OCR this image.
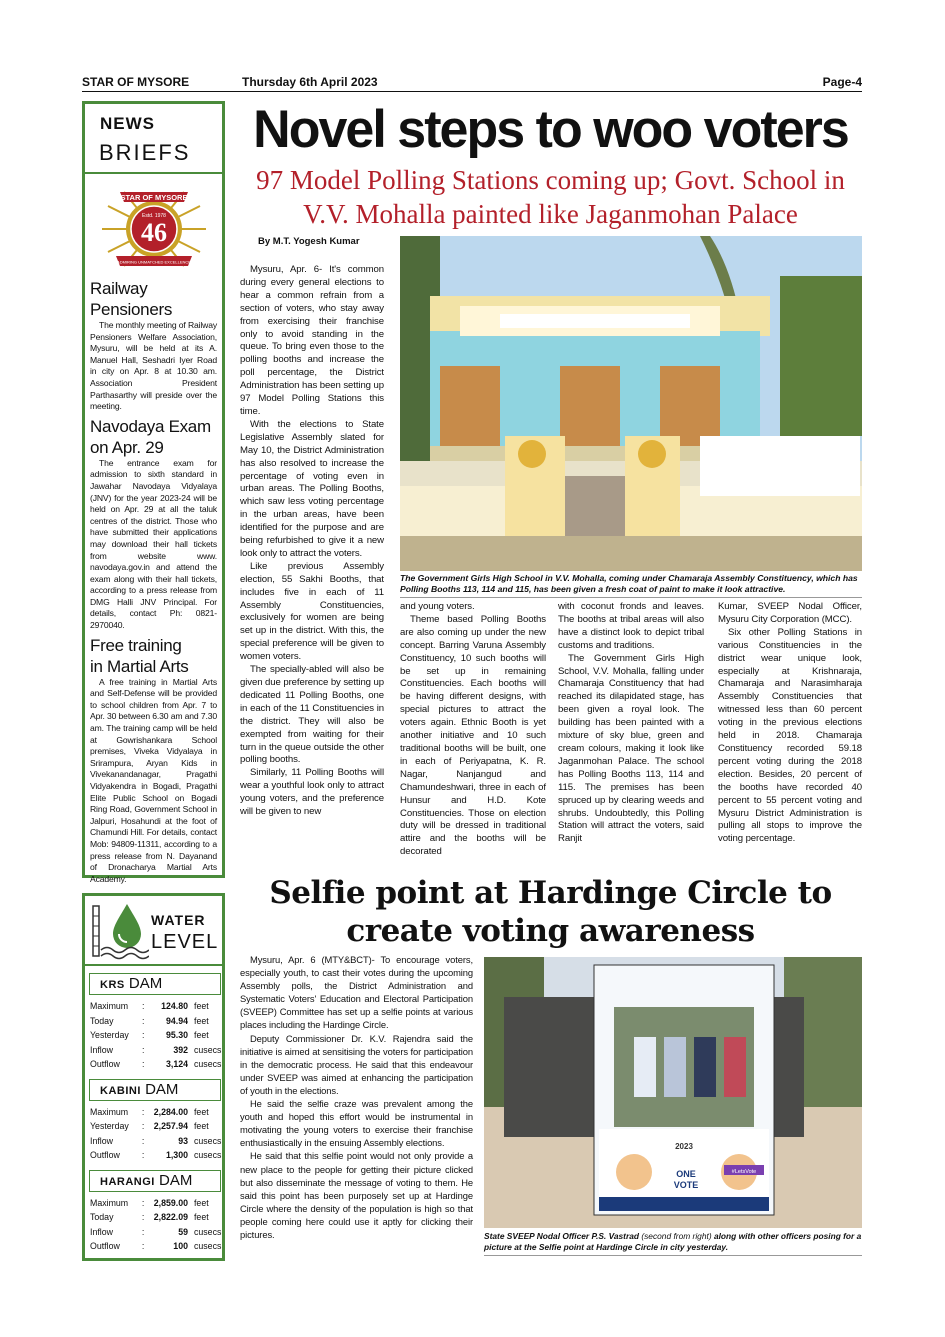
STAR OF MYSORE	Thursday 6th April 2023	Page-4
NEWS
BRIEFS
STAR OF MYSORE
Estd. 1978
46
ADMIRING UNMATCHED EXCELLENCE
Railway
Pensioners
The monthly meeting of Railway Pensioners Welfare Association, Mysuru, will be held at its A. Manuel Hall, Seshadri Iyer Road in city on Apr. 8 at 10.30 am. Association President Parthasarthy will preside over the meeting.
Navodaya Exam
on Apr. 29
The entrance exam for admission to sixth standard in Jawahar Navodaya Vidyalaya (JNV) for the year 2023-24 will be held on Apr. 29 at all the taluk centres of the district. Those who have submitted their applications may download their hall tickets from website www. navodaya.gov.in and attend the exam along with their hall tickets, according to a press release from DMG Halli JNV Principal. For details, contact Ph: 0821-2970040.
Free training
in Martial Arts
A free training in Martial Arts and Self-Defense will be provided to school children from Apr. 7 to Apr. 30 between 6.30 am and 7.30 am. The training camp will be held at Gowrishankara School premises, Viveka Vidyalaya in Srirampura, Aryan Kids in Vivekanandanagar, Pragathi Vidyakendra in Bogadi, Pragathi Elite Public School on Bogadi Ring Road, Government School in Jalpuri, Hosahundi at the foot of Chamundi Hill. For details, contact Mob: 94809-11311, according to a press release from N. Dayanand of Dronacharya Martial Arts Academy.
WATER
LEVEL
KRS DAM
Maximum	:	124.80	feet
Today	:	94.94	feet
Yesterday	:	95.30	feet
Inflow	:	392	cusecs
Outflow	:	3,124	cusecs
KABINI DAM
Maximum	:	2,284.00	feet
Yesterday	:	2,257.94	feet
Inflow	:	93	cusecs
Outflow	:	1,300	cusecs
HARANGI DAM
Maximum	:	2,859.00	feet
Today	:	2,822.09	feet
Inflow	:	59	cusecs
Outflow	:	100	cusecs
Novel steps to woo voters
97 Model Polling Stations coming up; Govt. School in V.V. Mohalla painted like Jaganmohan Palace
By M.T. Yogesh Kumar

Mysuru, Apr. 6- It's common during every general elections to hear a common refrain from a section of voters, who stay away from exercising their franchise only to avoid standing in the queue. To bring even those to the polling booths and increase the poll percentage, the District Administration has been setting up 97 Model Polling Stations this time.

With the elections to State Legislative Assembly slated for May 10, the District Administration has also resolved to increase the percentage of voting even in urban areas. The Polling Booths, which saw less voting percentage in the urban areas, have been identified for the purpose and are being refurbished to give it a new look only to attract the voters.

Like previous Assembly election, 55 Sakhi Booths, that includes five in each of 11 Assembly Constituencies, exclusively for women are being set up in the district. With this, the special preference will be given to women voters.

The specially-abled will also be given due preference by setting up dedicated 11 Polling Booths, one in each of the 11 Constituencies in the district. They will also be exempted from waiting for their turn in the queue outside the other polling booths.

Similarly, 11 Polling Booths will wear a youthful look only to attract young voters, and the preference will be given to new

The Government Girls High School in V.V. Mohalla, coming under Chamaraja Assembly Constituency, which has Polling Booths 113, 114 and 115, has been given a fresh coat of paint to make it look attractive.

and young voters.

Theme based Polling Booths are also coming up under the new concept. Barring Varuna Assembly Constituency, 10 such booths will be set up in remaining Constituencies. Each booths will be having different designs, with special pictures to attract the voters again. Ethnic Booth is yet another initiative and 10 such traditional booths will be built, one in each of Periyapatna, K. R. Nagar, Nanjangud and Chamundeshwari, three in each of Hunsur and H.D. Kote Constituencies. Those on election duty will be dressed in traditional attire and the booths will be decorated

with coconut fronds and leaves. The booths at tribal areas will also have a distinct look to depict tribal customs and traditions.

The Government Girls High School, V.V. Mohalla, falling under Chamaraja Constituency that had reached its dilapidated stage, has been given a royal look. The building has been painted with a mixture of sky blue, green and cream colours, making it look like Jaganmohan Palace. The school has Polling Booths 113, 114 and 115. The premises has been spruced up by clearing weeds and shrubs. Undoubtedly, this Polling Station will attract the voters, said Ranjit

Kumar, SVEEP Nodal Officer, Mysuru City Corporation (MCC).

Six other Polling Stations in various Constituencies in the district wear unique look, especially at Krishnaraja, Chamaraja and Narasimharaja Assembly Constituencies that witnessed less than 60 percent voting in the previous elections held in 2018. Chamaraja Constituency recorded 59.18 percent voting during the 2018 election. Besides, 20 percent of the booths have recorded 40 percent to 55 percent voting and Mysuru District Administration is pulling all stops to improve the voting percentage.

Selfie point at Hardinge Circle to create voting awareness

Mysuru, Apr. 6 (MTY&BCT)- To encourage voters, especially youth, to cast their votes during the upcoming Assembly polls, the District Administration and Systematic Voters' Education and Electoral Participation (SVEEP) Committee has set up a selfie points at various places including the Hardinge Circle.

Deputy Commissioner Dr. K.V. Rajendra said the initiative is aimed at sensitising the voters for participation in the democratic process. He said that this endeavour under SVEEP was aimed at enhancing the participation of youth in the elections.

He said the selfie craze was prevalent among the youth and hoped this effort would be instrumental in motivating the young voters to exercise their franchise enthusiastically in the ensuing Assembly elections.

He said that this selfie point would not only provide a new place to the people for getting their picture clicked but also disseminate the message of voting to them. He said this point has been purposely set up at Hardinge Circle where the density of the population is high so that people coming here could use it aptly for clicking their pictures.

2023
ONE
VOTE
#LetsVote
State SVEEP Nodal Officer P.S. Vastrad (second from right) along with other officers posing for a picture at the Selfie point at Hardinge Circle in city yesterday.
